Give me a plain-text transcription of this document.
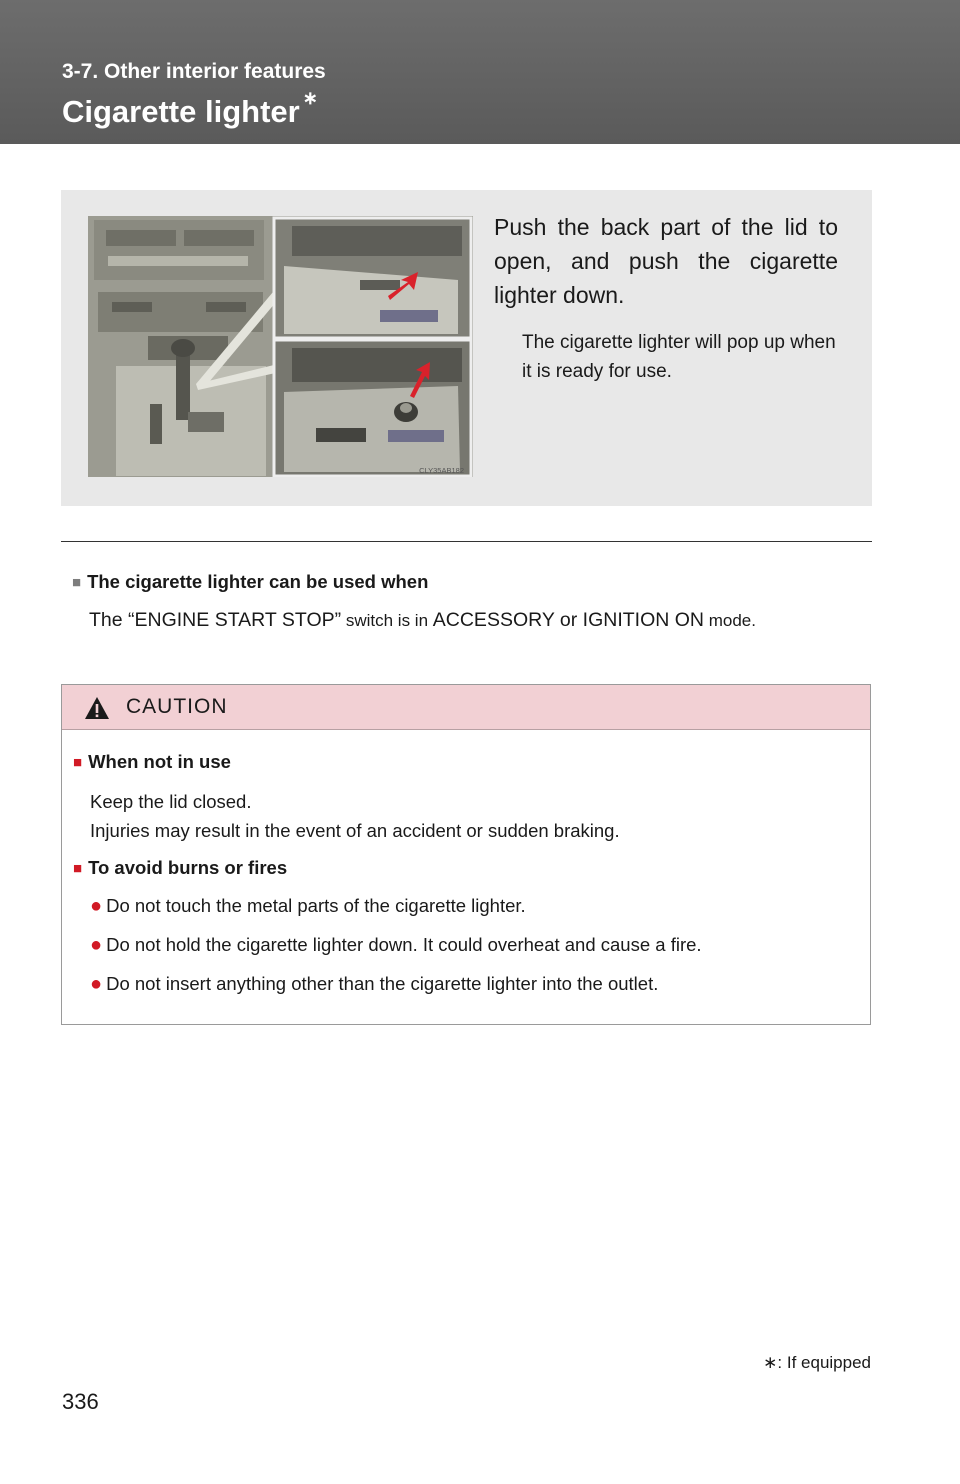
3-7. Other interior features
Cigarette lighter ∗
CLY35AB182
Push the back part of the lid to open, and push the cigarette lighter down.
The cigarette lighter will pop up when it is ready for use.
■ The cigarette lighter can be used when
The “ENGINE START STOP” switch is in ACCESSORY or IGNITION ON mode.
CAUTION
■ When not in use
Keep the lid closed.
Injuries may result in the event of an accident or sudden braking.
■ To avoid burns or fires
● Do not touch the metal parts of the cigarette lighter.
● Do not hold the cigarette lighter down. It could overheat and cause a fire.
● Do not insert anything other than the cigarette lighter into the outlet.
∗: If equipped
336
